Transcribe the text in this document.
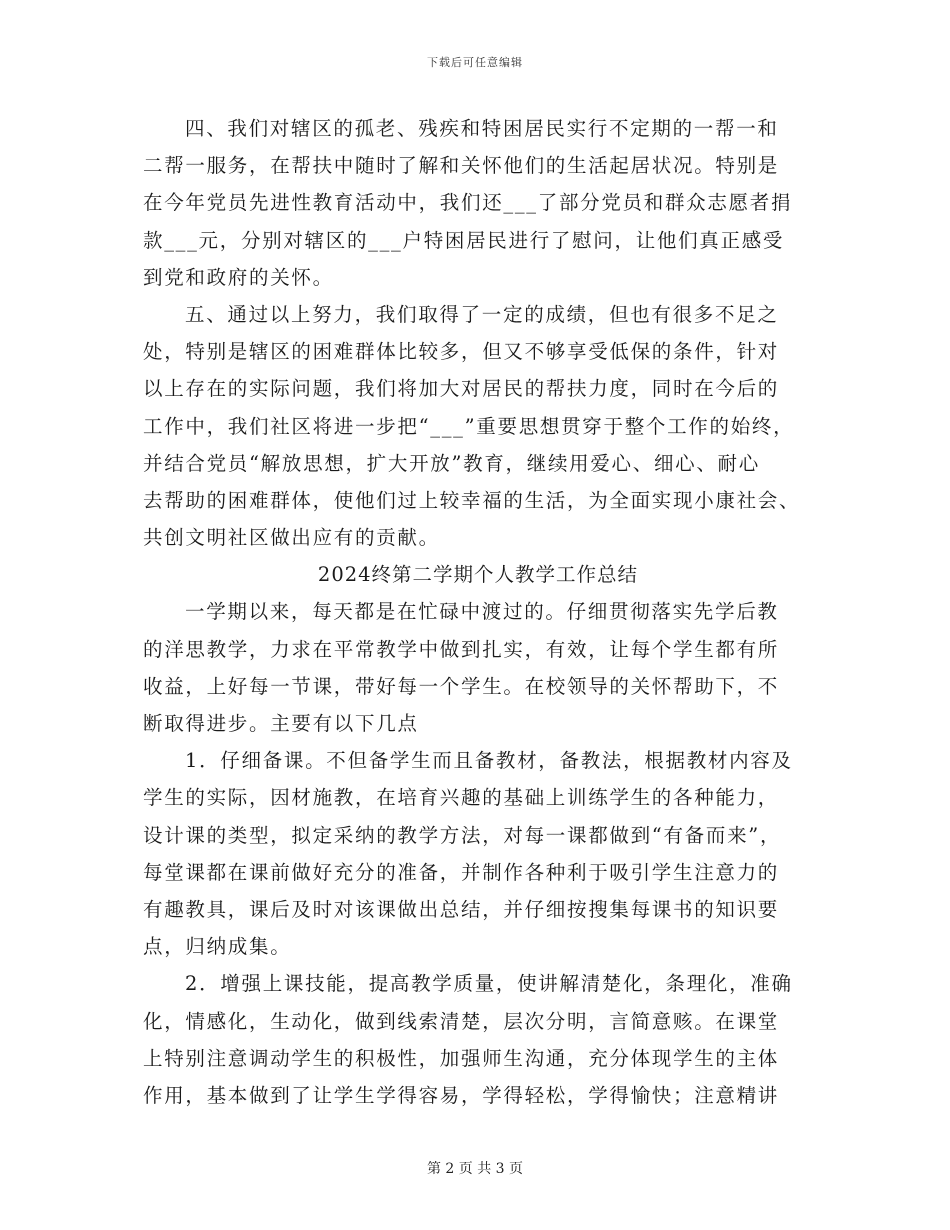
下载后可任意编辑
四、我们对辖区的孤老、残疾和特困居民实行不定期的一帮一和
二帮一服务，在帮扶中随时了解和关怀他们的生活起居状况。特别是
在今年党员先进性教育活动中，我们还___了部分党员和群众志愿者捐
款___元，分别对辖区的___户特困居民进行了慰问，让他们真正感受
到党和政府的关怀。
五、通过以上努力，我们取得了一定的成绩，但也有很多不足之
处，特别是辖区的困难群体比较多，但又不够享受低保的条件，针对
以上存在的实际问题，我们将加大对居民的帮扶力度，同时在今后的
工作中，我们社区将进一步把“___”重要思想贯穿于整个工作的始终，
并结合党员“解放思想，扩大开放”教育，继续用爱心、细心、耐心
去帮助的困难群体，使他们过上较幸福的生活，为全面实现小康社会、
共创文明社区做出应有的贡献。
2024终第二学期个人教学工作总结
一学期以来，每天都是在忙碌中渡过的。仔细贯彻落实先学后教
的洋思教学，力求在平常教学中做到扎实，有效，让每个学生都有所
收益，上好每一节课，带好每一个学生。在校领导的关怀帮助下，不
断取得进步。主要有以下几点
1．仔细备课。不但备学生而且备教材，备教法，根据教材内容及
学生的实际，因材施教，在培育兴趣的基础上训练学生的各种能力，
设计课的类型，拟定采纳的教学方法，对每一课都做到“有备而来”，
每堂课都在课前做好充分的准备，并制作各种利于吸引学生注意力的
有趣教具，课后及时对该课做出总结，并仔细按搜集每课书的知识要
点，归纳成集。
2．增强上课技能，提高教学质量，使讲解清楚化，条理化，准确
化，情感化，生动化，做到线索清楚，层次分明，言简意赅。在课堂
上特别注意调动学生的积极性，加强师生沟通，充分体现学生的主体
作用，基本做到了让学生学得容易，学得轻松，学得愉快；注意精讲
第 2 页 共 3 页
